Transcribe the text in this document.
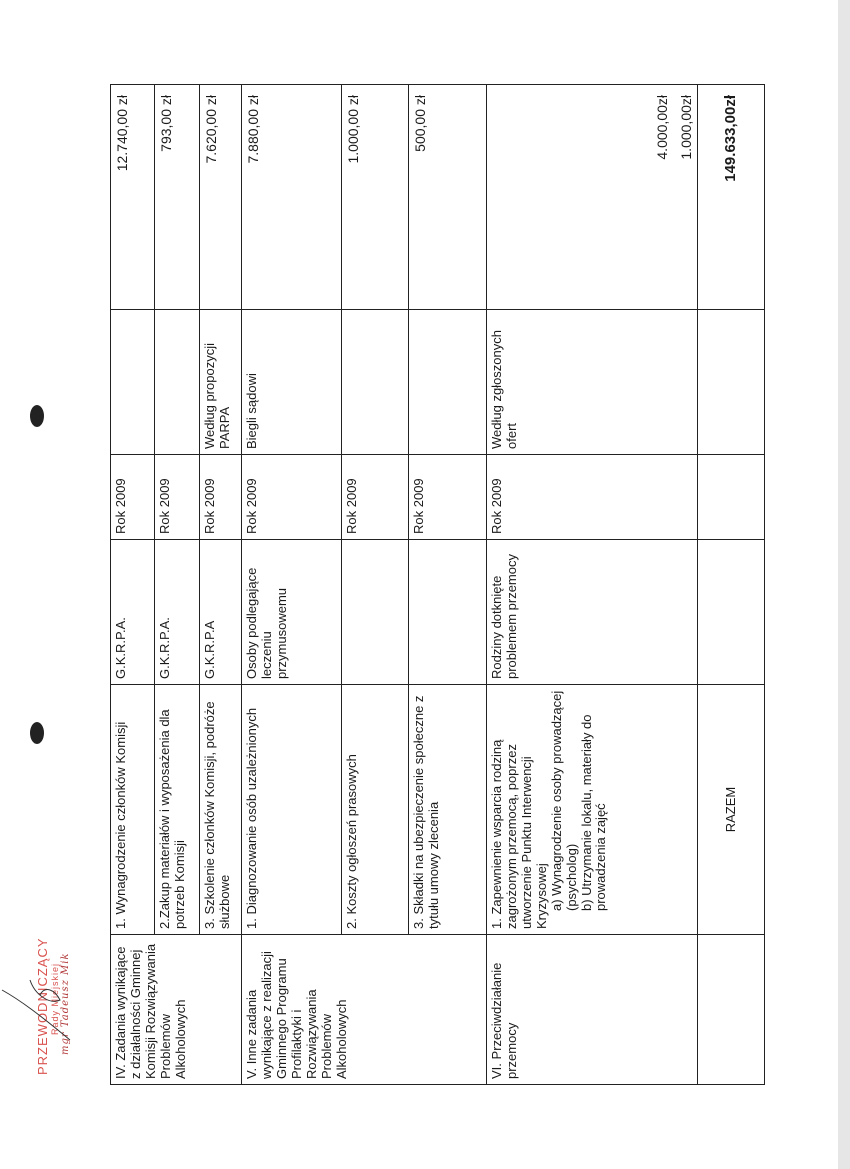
IV. Zadania wynikające z działalności Gminnej Komisji Rozwiązywania Problemów Alkoholowych	1. Wynagrodzenie członków Komisji	G.K.R.P.A.	Rok 2009		12.740,00 zł
	2.Zakup materiałów i wyposażenia dla potrzeb Komisji	G.K.R.P.A.	Rok 2009		793,00 zł
	3. Szkolenie członków Komisji, podróże służbowe	G.K.R.P.A	Rok 2009	Według propozycji PARPA	7.620,00 zł
V. Inne zadania wynikające z realizacji Gminnego Programu Profilaktyki i Rozwiązywania Problemów Alkoholowych	1. Diagnozowanie osób uzależnionych	Osoby podlegające leczeniu przymusowemu	Rok 2009	Biegli sądowi	7.880,00 zł
	2. Koszty ogłoszeń prasowych		Rok 2009		1.000,00 zł
	3. Składki na ubezpieczenie społeczne z tytułu umowy zlecenia		Rok 2009		500,00 zł
VI. Przeciwdziałanie przemocy	1. Zapewnienie wsparcia rodziną zagrożonym przemocą, poprzez utworzenie Punktu Interwencji Kryzysowej a) Wynagrodzenie osoby prowadzącej (psycholog) b) Utrzymanie lokalu, materiały do prowadzenia zajęć	Rodziny dotknięte problemem przemocy	Rok 2009	Według zgłoszonych ofert	4.000,00zł 1.000,00zł

	RAZEM				149.633,00zł
PRZEWODNICZĄCY Rady Miejskiej mgr Tadeusz Mik
